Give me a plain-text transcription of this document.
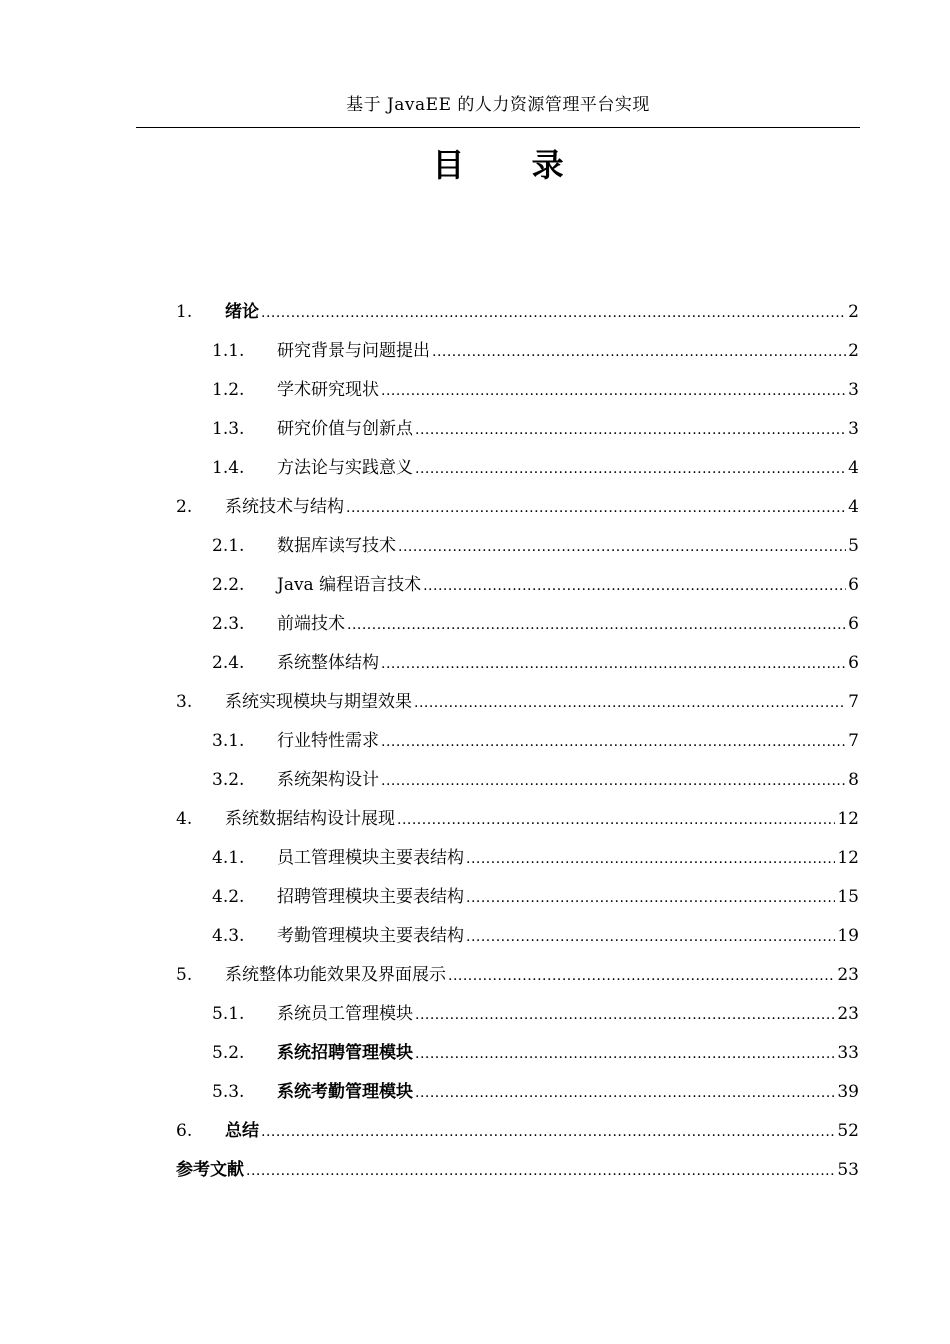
基于 JavaEE 的人力资源管理平台实现
目 录
1.	绪论 .....	2
1.1.	研究背景与问题提出 .....	2
1.2.	学术研究现状 .....	3
1.3.	研究价值与创新点 .....	3
1.4.	方法论与实践意义 .....	4
2.	系统技术与结构 .....	4
2.1.	数据库读写技术 .....	5
2.2.	Java 编程语言技术 .....	6
2.3.	前端技术 .....	6
2.4.	系统整体结构 .....	6
3.	系统实现模块与期望效果 .....	7
3.1.	行业特性需求 .....	7
3.2.	系统架构设计 .....	8
4.	系统数据结构设计展现 .....	12
4.1.	员工管理模块主要表结构 .....	12
4.2.	招聘管理模块主要表结构 .....	15
4.3.	考勤管理模块主要表结构 .....	19
5.	系统整体功能效果及界面展示 .....	23
5.1.	系统员工管理模块 .....	23
5.2.	系统招聘管理模块 .....	33
5.3.	系统考勤管理模块 .....	39
6.	总结 .....	52
参考文献 .....	53
